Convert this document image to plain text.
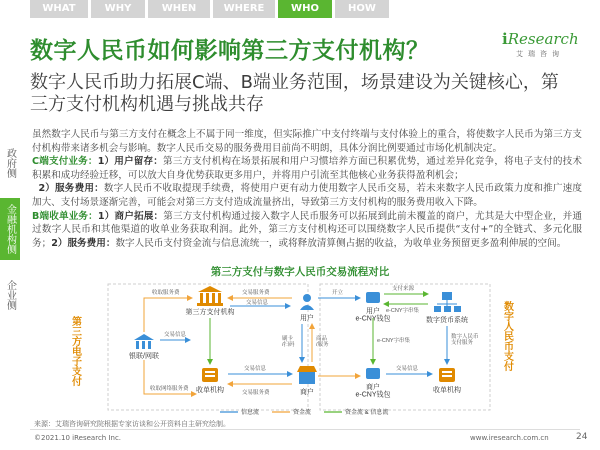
WHAT	WHY	WHEN	WHERE	WHO	HOW
iResearch
艾瑞咨询
数字人民币如何影响第三方支付机构？
数字人民币助力拓展C端、B端业务范围，场景建设为关键核心，第三方支付机构机遇与挑战共存
政府侧
金融机构侧
企业侧

虽然数字人民币与第三方支付在概念上不属于同一维度，但实际推广中支付终端与支付体验上的重合，将使数字人民币为第三方支付机构带来诸多机会与影响。数字人民币交易的服务费用目前尚不明朗，具体分润比例要通过市场化机制决定。

C端支付业务：1）用户留存：第三方支付机构在场景拓展和用户习惯培养方面已积累优势，通过差异化竞争，将电子支付的技术积累和成功经验迁移，可以放大自身优势获取更多用户，并将用户引流至其他核心业务获得盈利机会；

2）服务费用：数字人民币不收取提现手续费，将使用户更有动力使用数字人民币交易，若未来数字人民币政策力度和推广速度加大、支付场景逐渐完善，可能会对第三方支付造成流量挤出，导致第三方支付机构的服务费用收入下降。

B端收单业务：1）商户拓展：第三方支付机构通过接入数字人民币服务可以拓展到此前未覆盖的商户，尤其是大中型企业，并通过数字人民币和其他渠道的收单业务获取利润。此外，第三方支付机构还可以围绕数字人民币提供“支付+”的全链式、多元化服务；2）服务费用：数字人民币支付资金流与信息流统一，或将释放清算侧占据的收益，为收单业务预留更多盈利伸展的空间。

第三方支付与数字人民币交易流程对比
第三方电子支付	数字人民币支付
第三方支付机构
银联/网联
收单机构
用户
商户
用户 e-CNY钱包
商户 e-CNY钱包
数字货币系统
收单机构
收取服务费	交易服务费
交易信息
交易信息
收取网络服务费
交易信息
交易服务费
刷卡/扫码
商品/服务
开立
支付来源
e-CNY字串集
e-CNY字串集
数字人民币支付服务
交易信息
信息流	资金流	资金流 & 信息流
来源：艾瑞咨询研究院根据专家访谈和公开资料自主研究绘制。
©2021.10 iResearch Inc.	www.iresearch.com.cn	24
